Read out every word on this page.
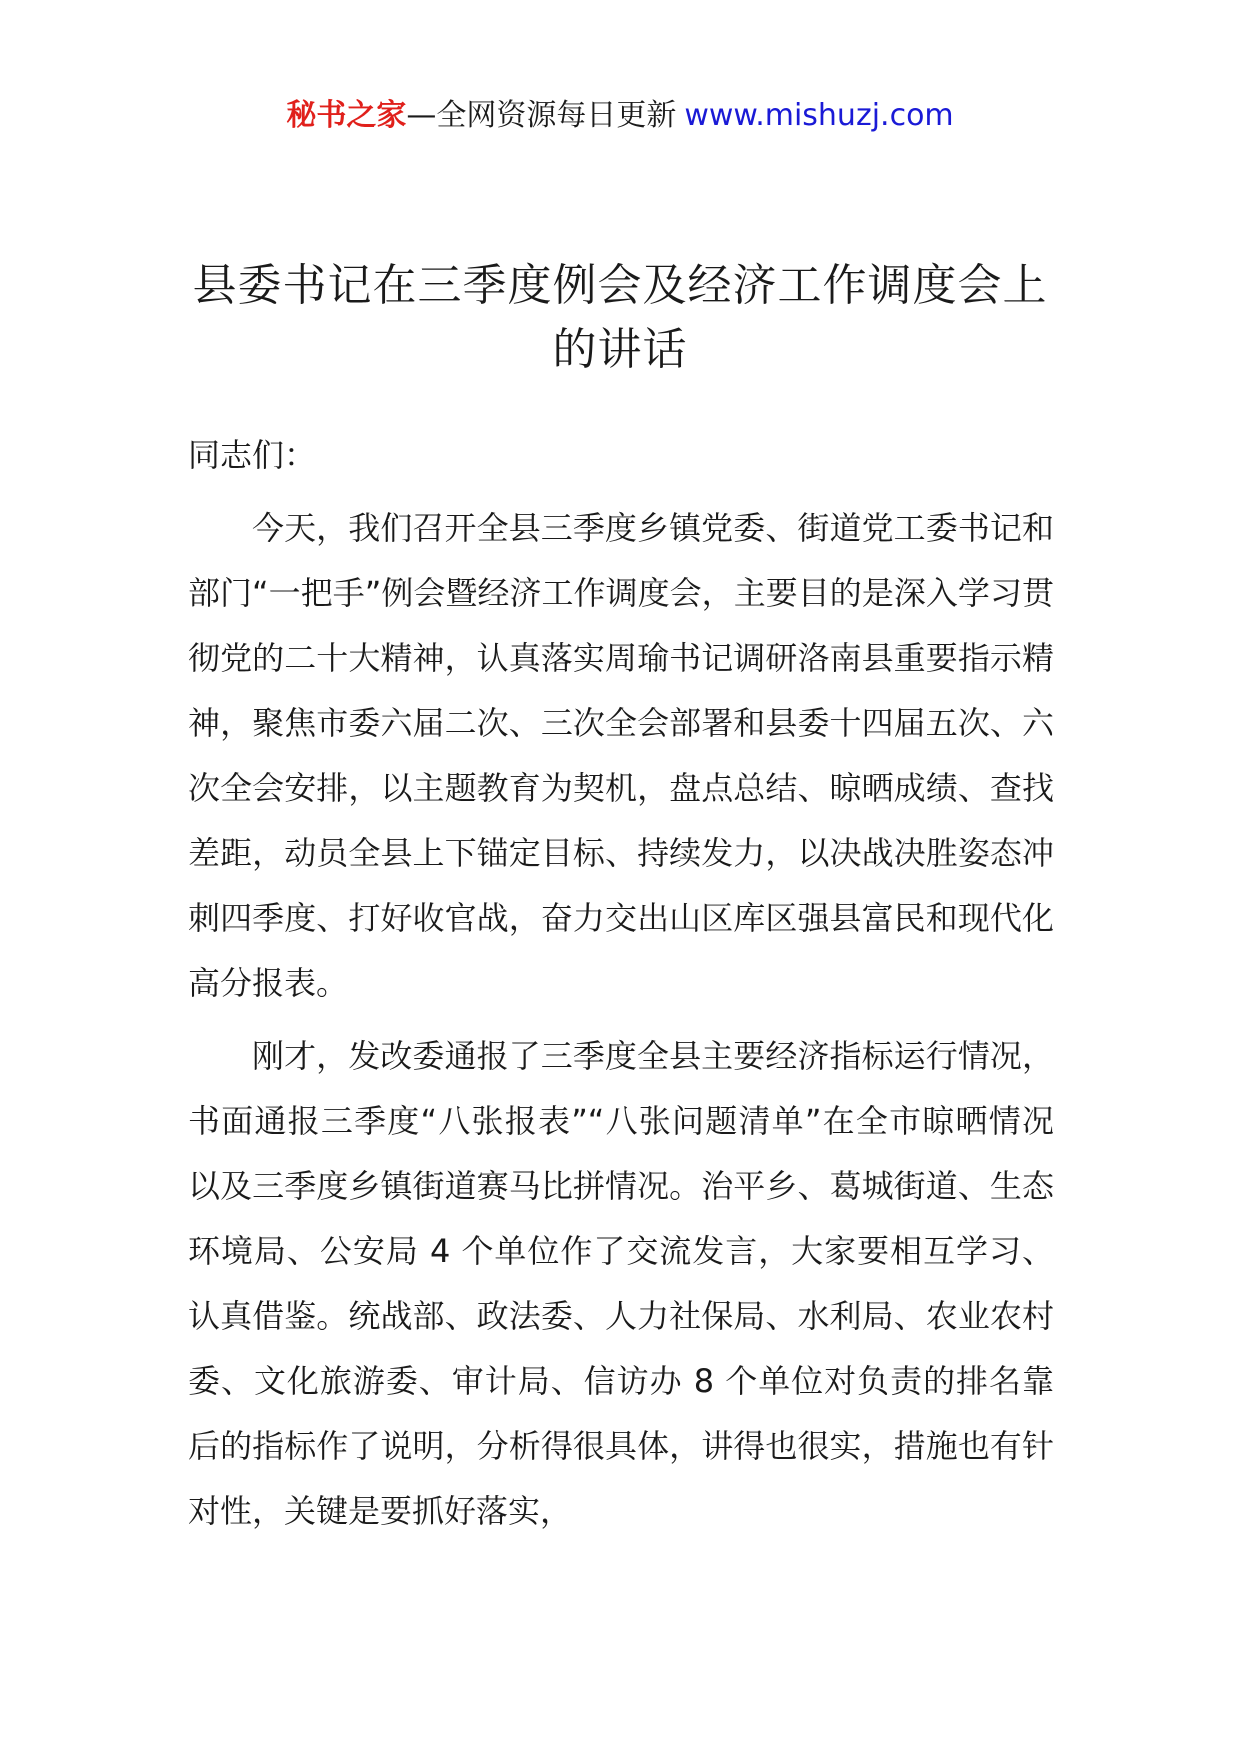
秘书之家—全网资源每日更新 www.mishuzj.com
县委书记在三季度例会及经济工作调度会上的讲话

同志们：

今天，我们召开全县三季度乡镇党委、街道党工委书记和部门“一把手”例会暨经济工作调度会，主要目的是深入学习贯彻党的二十大精神，认真落实周瑜书记调研洛南县重要指示精神，聚焦市委六届二次、三次全会部署和县委十四届五次、六次全会安排，以主题教育为契机，盘点总结、晾晒成绩、查找差距，动员全县上下锚定目标、持续发力，以决战决胜姿态冲刺四季度、打好收官战，奋力交出山区库区强县富民和现代化高分报表。

刚才，发改委通报了三季度全县主要经济指标运行情况，书面通报三季度“八张报表”“八张问题清单”在全市晾晒情况以及三季度乡镇街道赛马比拼情况。治平乡、葛城街道、生态环境局、公安局 4 个单位作了交流发言，大家要相互学习、认真借鉴。统战部、政法委、人力社保局、水利局、农业农村委、文化旅游委、审计局、信访办 8 个单位对负责的排名靠后的指标作了说明，分析得很具体，讲得也很实，措施也有针对性，关键是要抓好落实，
